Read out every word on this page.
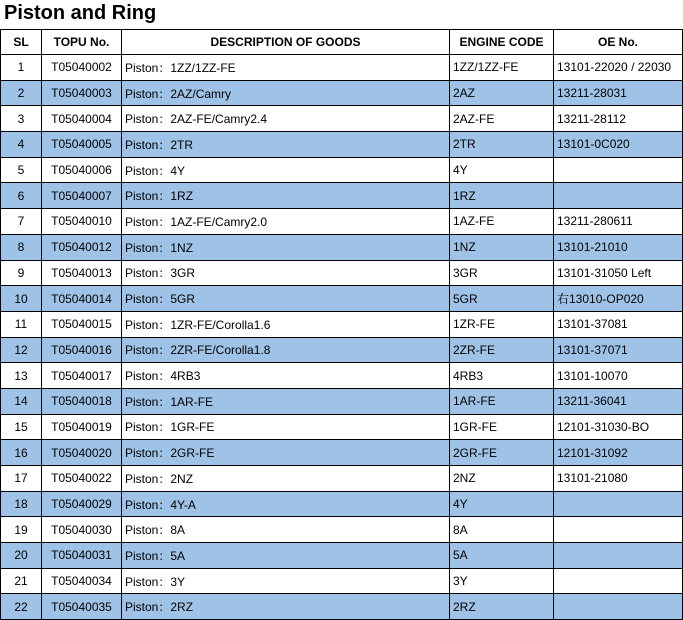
Piston and Ring
SL	TOPU No.	DESCRIPTION OF GOODS	ENGINE CODE	OE No.
1	T05040002	Piston：1ZZ/1ZZ-FE	1ZZ/1ZZ-FE	13101-22020 / 22030
2	T05040003	Piston：2AZ/Camry	2AZ	13211-28031
3	T05040004	Piston：2AZ-FE/Camry2.4	2AZ-FE	13211-28112
4	T05040005	Piston：2TR	2TR	13101-0C020
5	T05040006	Piston：4Y	4Y	
6	T05040007	Piston：1RZ	1RZ	
7	T05040010	Piston：1AZ-FE/Camry2.0	1AZ-FE	13211-280611
8	T05040012	Piston：1NZ	1NZ	13101-21010
9	T05040013	Piston：3GR	3GR	13101-31050 Left
10	T05040014	Piston：5GR	5GR	右13010-OP020
11	T05040015	Piston：1ZR-FE/Corolla1.6	1ZR-FE	13101-37081
12	T05040016	Piston：2ZR-FE/Corolla1.8	2ZR-FE	13101-37071
13	T05040017	Piston：4RB3	4RB3	13101-10070
14	T05040018	Piston：1AR-FE	1AR-FE	13211-36041
15	T05040019	Piston：1GR-FE	1GR-FE	12101-31030-BO
16	T05040020	Piston：2GR-FE	2GR-FE	12101-31092
17	T05040022	Piston：2NZ	2NZ	13101-21080
18	T05040029	Piston：4Y-A	4Y	
19	T05040030	Piston：8A	8A	
20	T05040031	Piston：5A	5A	
21	T05040034	Piston：3Y	3Y	
22	T05040035	Piston：2RZ	2RZ	
